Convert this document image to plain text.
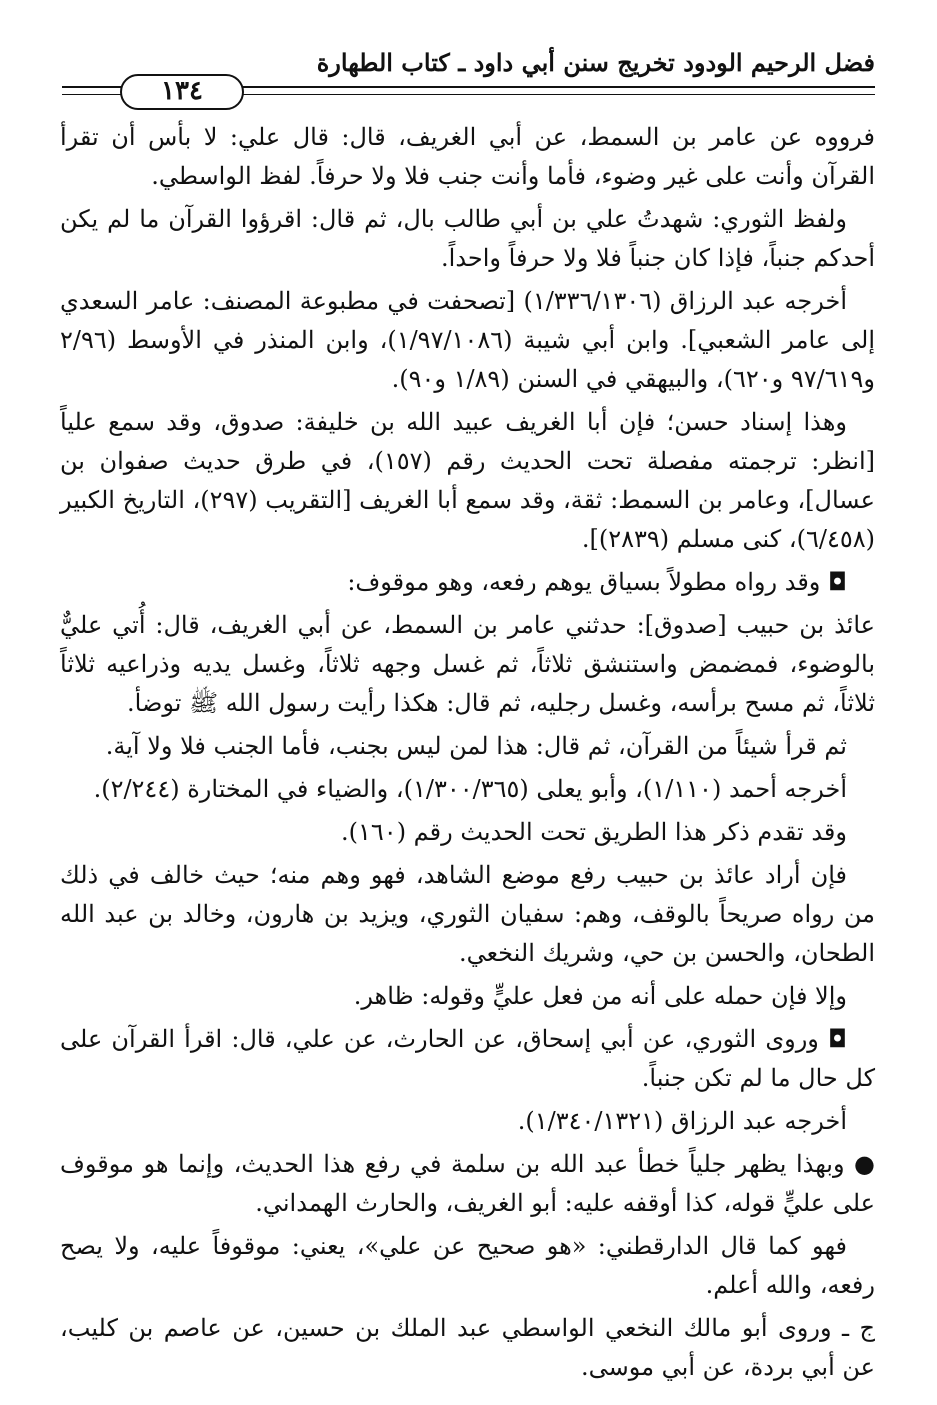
فضل الرحيم الودود تخريج سنن أبي داود ـ كتاب الطهارة
١٣٤

فرووه عن عامر بن السمط، عن أبي الغريف، قال: قال علي: لا بأس أن تقرأ القرآن وأنت على غير وضوء، فأما وأنت جنب فلا ولا حرفاً. لفظ الواسطي.

ولفظ الثوري: شهدتُ علي بن أبي طالب بال، ثم قال: اقرؤوا القرآن ما لم يكن أحدكم جنباً، فإذا كان جنباً فلا ولا حرفاً واحداً.

أخرجه عبد الرزاق (١/٣٣٦/١٣٠٦) [تصحفت في مطبوعة المصنف: عامر السعدي إلى عامر الشعبي]. وابن أبي شيبة (١/٩٧/١٠٨٦)، وابن المنذر في الأوسط (٢/٩٦ و٩٧/٦١٩ و٦٢٠)، والبيهقي في السنن (١/٨٩ و٩٠).

وهذا إسناد حسن؛ فإن أبا الغريف عبيد الله بن خليفة: صدوق، وقد سمع علياً [انظر: ترجمته مفصلة تحت الحديث رقم (١٥٧)، في طرق حديث صفوان بن عسال]، وعامر بن السمط: ثقة، وقد سمع أبا الغريف [التقريب (٢٩٧)، التاريخ الكبير (٦/٤٥٨)، كنى مسلم (٢٨٣٩)].

◘ وقد رواه مطولاً بسياق يوهم رفعه، وهو موقوف:

عائذ بن حبيب [صدوق]: حدثني عامر بن السمط، عن أبي الغريف، قال: أُتي عليٌّ بالوضوء، فمضمض واستنشق ثلاثاً، ثم غسل وجهه ثلاثاً، وغسل يديه وذراعيه ثلاثاً ثلاثاً، ثم مسح برأسه، وغسل رجليه، ثم قال: هكذا رأيت رسول الله ﷺ توضأ.

ثم قرأ شيئاً من القرآن، ثم قال: هذا لمن ليس بجنب، فأما الجنب فلا ولا آية.

أخرجه أحمد (١/١١٠)، وأبو يعلى (١/٣٠٠/٣٦٥)، والضياء في المختارة (٢/٢٤٤).

وقد تقدم ذكر هذا الطريق تحت الحديث رقم (١٦٠).

فإن أراد عائذ بن حبيب رفع موضع الشاهد، فهو وهم منه؛ حيث خالف في ذلك من رواه صريحاً بالوقف، وهم: سفيان الثوري، ويزيد بن هارون، وخالد بن عبد الله الطحان، والحسن بن حي، وشريك النخعي.

وإلا فإن حمله على أنه من فعل عليٍّ وقوله: ظاهر.

◘ وروى الثوري، عن أبي إسحاق، عن الحارث، عن علي، قال: اقرأ القرآن على كل حال ما لم تكن جنباً.

أخرجه عبد الرزاق (١/٣٤٠/١٣٢١).

● وبهذا يظهر جلياً خطأ عبد الله بن سلمة في رفع هذا الحديث، وإنما هو موقوف على عليٍّ قوله، كذا أوقفه عليه: أبو الغريف، والحارث الهمداني.

فهو كما قال الدارقطني: «هو صحيح عن علي»، يعني: موقوفاً عليه، ولا يصح رفعه، والله أعلم.

ج ـ وروى أبو مالك النخعي الواسطي عبد الملك بن حسين، عن عاصم بن كليب، عن أبي بردة، عن أبي موسى.
